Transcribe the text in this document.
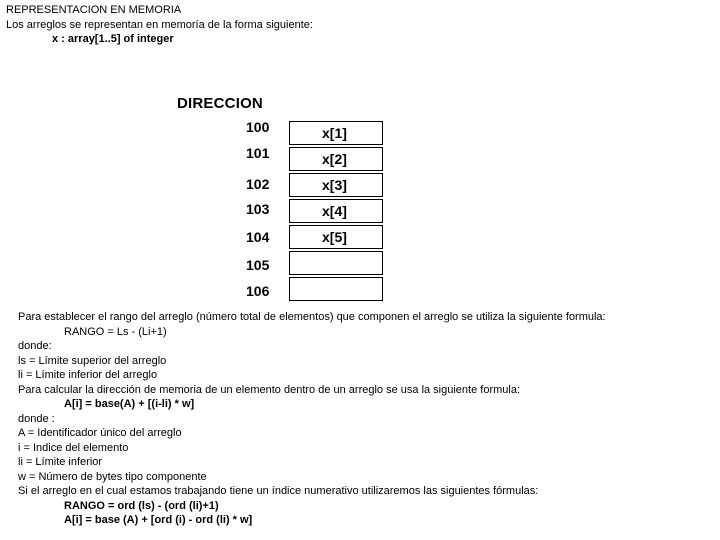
REPRESENTACION EN MEMORIA
Los arreglos se representan en memoría de la forma siguiente:
x : array[1..5] of integer
DIRECCION
100
101
102
103
104
105
106
x[1]
x[2]
x[3]
x[4]
x[5]
Para establecer el rango del arreglo (número total de elementos) que componen el arreglo se utiliza la siguiente formula:
RANGO = Ls - (Li+1)
donde:
ls = Límite superior del arreglo
li = Límite inferior del arreglo
Para calcular la dirección de memoria de un elemento dentro de un arreglo se usa la siguiente formula:
A[i] = base(A) + [(i-li) * w]
donde :
A = Identificador único del arreglo
i = Indice del elemento
li = Límite inferior
w = Número de bytes tipo componente
Si el arreglo en el cual estamos trabajando tiene un índice numerativo utilizaremos las siguientes fórmulas:
RANGO = ord (ls) - (ord (li)+1)
A[i] = base (A) + [ord (i) - ord (li) * w]
